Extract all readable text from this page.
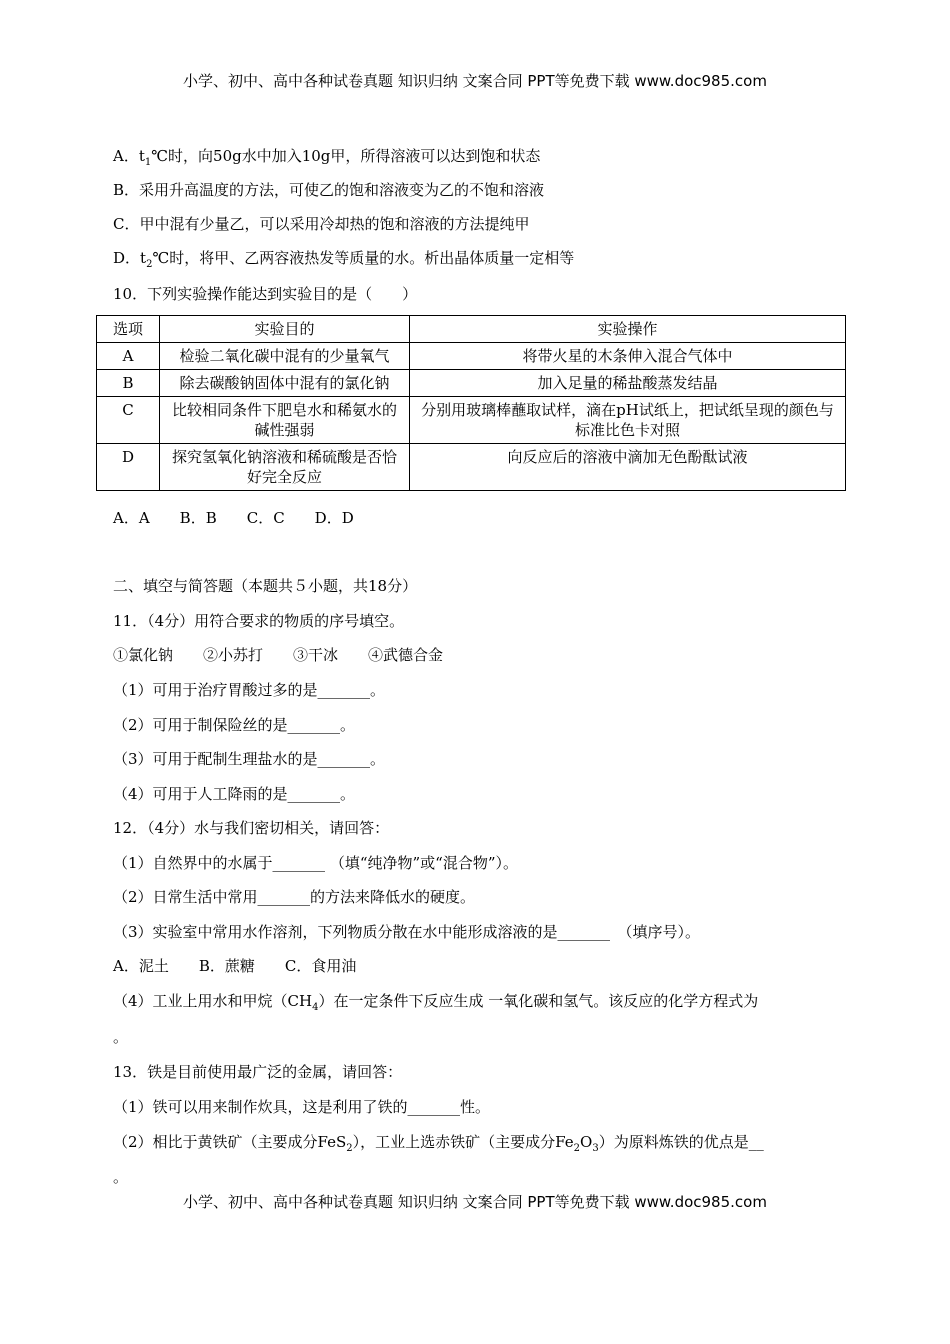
小学、初中、高中各种试卷真题 知识归纳 文案合同 PPT等免费下载 www.doc985.com
A．$t_1℃$时，向50g水中加入10g甲，所得溶液可以达到饱和状态
B．采用升高温度的方法，可使乙的饱和溶液变为乙的不饱和溶液
C．甲中混有少量乙，可以采用冷却热的饱和溶液的方法提纯甲
D．$t_2℃$时，将甲、乙两容液热发等质量的水。析出晶体质量一定相等
10．下列实验操作能达到实验目的是（　　）
选项	实验目的	实验操作
A	检验二氧化碳中混有的少量氧气	将带火星的木条伸入混合气体中
B	除去碳酸钠固体中混有的氯化钠	加入足量的稀盐酸蒸发结晶
C	比较相同条件下肥皂水和稀氨水的碱性强弱	分别用玻璃棒蘸取试样，滴在pH试纸上，把试纸呈现的颜色与标准比色卡对照
D	探究氢氧化钠溶液和稀硫酸是否恰好完全反应	向反应后的溶液中滴加无色酚酞试液
A．A　　B．B　　C．C　　D．D
二、填空与简答题（本题共５小题，共18分）
11．（4分）用符合要求的物质的序号填空。
①氯化钠　　②小苏打　　③干冰　　④武德合金
（1）可用于治疗胃酸过多的是_______。
（2）可用于制保险丝的是_______。
（3）可用于配制生理盐水的是_______。
（4）可用于人工降雨的是_______。
12．（4分）水与我们密切相关，请回答：
（1）自然界中的水属于_______ （填“纯净物”或“混合物”）。
（2）日常生活中常用_______的方法来降低水的硬度。
（3）实验室中常用水作溶剂，下列物质分散在水中能形成溶液的是_______　（填序号）。
A．泥土　　B．蔗糖　　C．食用油
（4）工业上用水和甲烷$(CH_4)$在一定条件下反应生成 一氧化碳和氢气。该反应的化学方程式为
。
13．铁是目前使用最广泛的金属，请回答：
（1）铁可以用来制作炊具，这是利用了铁的_______性。
（2）相比于黄铁矿（主要成分FeS$_2$），工业上选赤铁矿（主要成分$Fe_2O_3$）为原料炼铁的优点是__
。
小学、初中、高中各种试卷真题 知识归纳 文案合同 PPT等免费下载 www.doc985.com
